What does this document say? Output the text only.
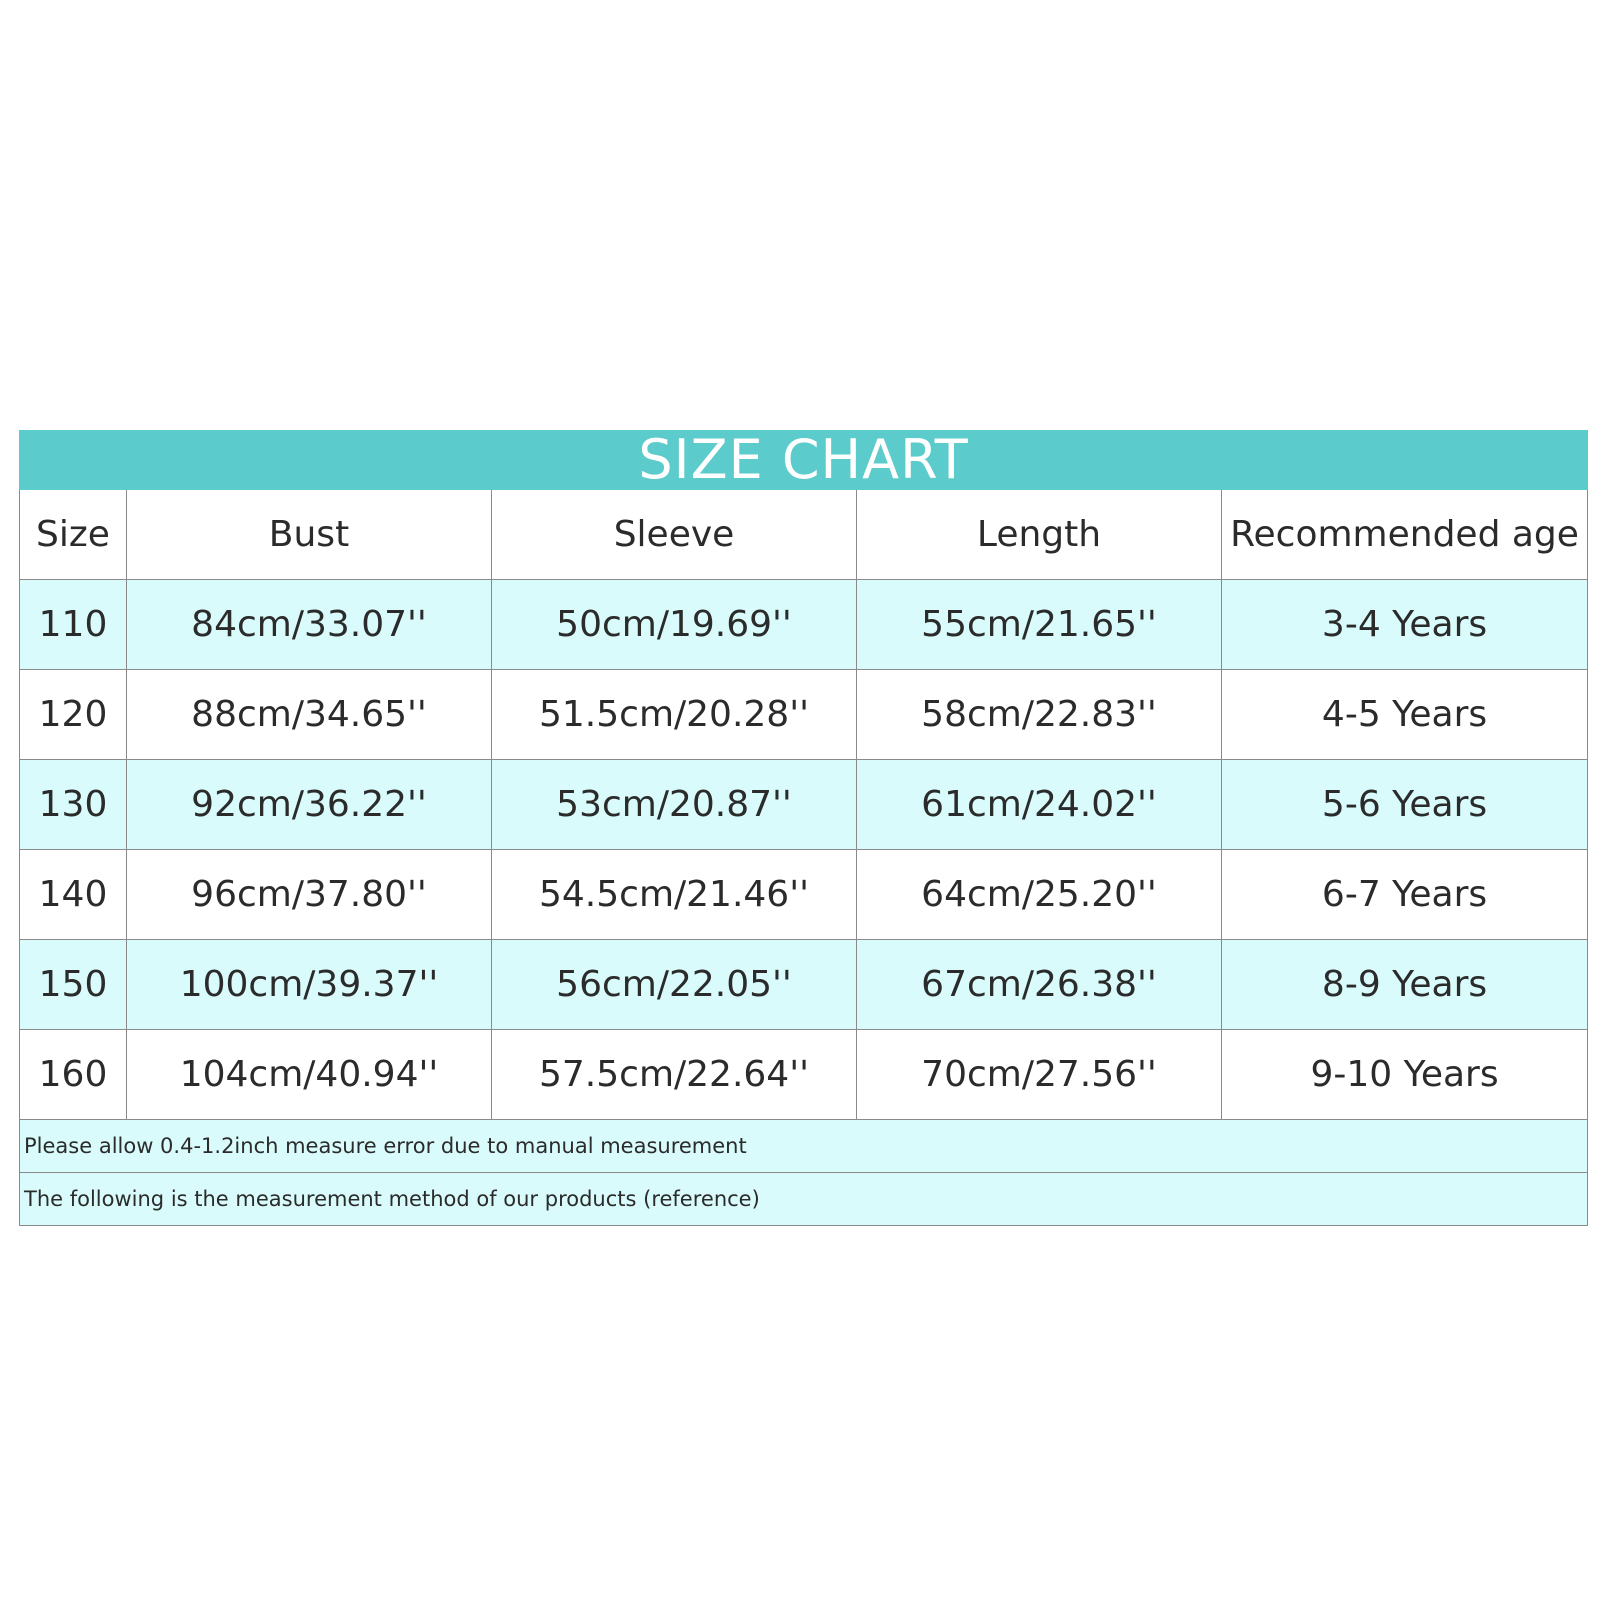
SIZE CHART				
Size	Bust	Sleeve	Length	Recommended age
110	84cm/33.07''	50cm/19.69''	55cm/21.65''	3-4 Years
120	88cm/34.65''	51.5cm/20.28''	58cm/22.83''	4-5 Years
130	92cm/36.22''	53cm/20.87''	61cm/24.02''	5-6 Years
140	96cm/37.80''	54.5cm/21.46''	64cm/25.20''	6-7 Years
150	100cm/39.37''	56cm/22.05''	67cm/26.38''	8-9 Years
160	104cm/40.94''	57.5cm/22.64''	70cm/27.56''	9-10 Years
Please allow 0.4-1.2inch measure error due to manual measurement				
The following is the measurement method of our products (reference)				
